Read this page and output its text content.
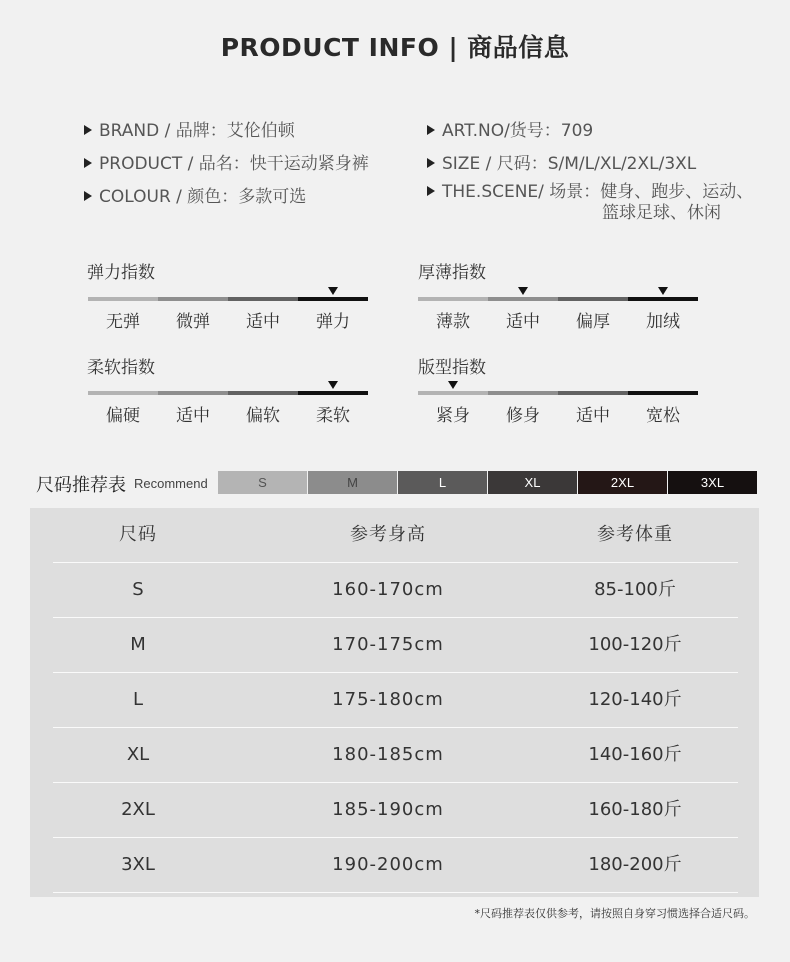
PRODUCT INFO | 商品信息
BRAND / 品牌：艾伦伯顿
PRODUCT / 品名：快干运动紧身裤
COLOUR / 颜色：多款可选
ART.NO/货号：709
SIZE / 尺码：S/M/L/XL/2XL/3XL
THE.SCENE/ 场景：健身、跑步、运动、
篮球足球、休闲
弹力指数
无弹	微弹	适中	弹力
厚薄指数
薄款	适中	偏厚	加绒
柔软指数
偏硬	适中	偏软	柔软
版型指数
紧身	修身	适中	宽松
尺码推荐表 Recommend	S	M	L	XL	2XL	3XL
尺码	参考身高	参考体重
S	160-170cm	85-100斤
M	170-175cm	100-120斤
L	175-180cm	120-140斤
XL	180-185cm	140-160斤
2XL	185-190cm	160-180斤
3XL	190-200cm	180-200斤
*尺码推荐表仅供参考，请按照自身穿习惯选择合适尺码。
